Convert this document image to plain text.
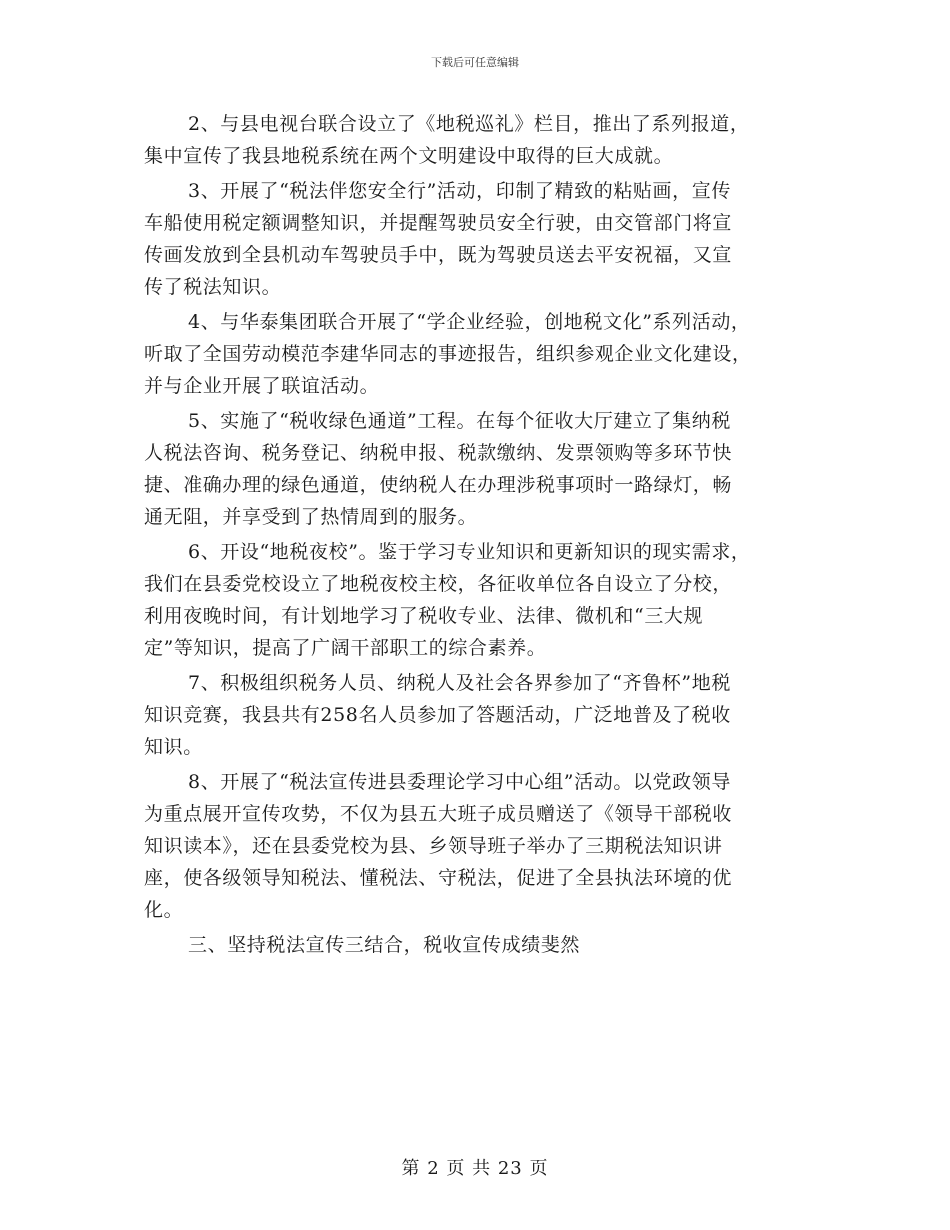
下载后可任意编辑
2、与县电视台联合设立了《地税巡礼》栏目，推出了系列报道，
集中宣传了我县地税系统在两个文明建设中取得的巨大成就。
3、开展了“税法伴您安全行”活动，印制了精致的粘贴画，宣传
车船使用税定额调整知识，并提醒驾驶员安全行驶，由交管部门将宣
传画发放到全县机动车驾驶员手中，既为驾驶员送去平安祝福，又宣
传了税法知识。
4、与华泰集团联合开展了“学企业经验，创地税文化”系列活动，
听取了全国劳动模范李建华同志的事迹报告，组织参观企业文化建设，
并与企业开展了联谊活动。
5、实施了“税收绿色通道”工程。在每个征收大厅建立了集纳税
人税法咨询、税务登记、纳税申报、税款缴纳、发票领购等多环节快
捷、准确办理的绿色通道，使纳税人在办理涉税事项时一路绿灯，畅
通无阻，并享受到了热情周到的服务。
6、开设“地税夜校”。鉴于学习专业知识和更新知识的现实需求，
我们在县委党校设立了地税夜校主校，各征收单位各自设立了分校，
利用夜晚时间，有计划地学习了税收专业、法律、微机和“三大规
定”等知识，提高了广阔干部职工的综合素养。
7、积极组织税务人员、纳税人及社会各界参加了“齐鲁杯”地税
知识竞赛，我县共有258名人员参加了答题活动，广泛地普及了税收
知识。
8、开展了“税法宣传进县委理论学习中心组”活动。以党政领导
为重点展开宣传攻势，不仅为县五大班子成员赠送了《领导干部税收
知识读本》，还在县委党校为县、乡领导班子举办了三期税法知识讲
座，使各级领导知税法、懂税法、守税法，促进了全县执法环境的优
化。
三、坚持税法宣传三结合，税收宣传成绩斐然
第 2 页 共 23 页
